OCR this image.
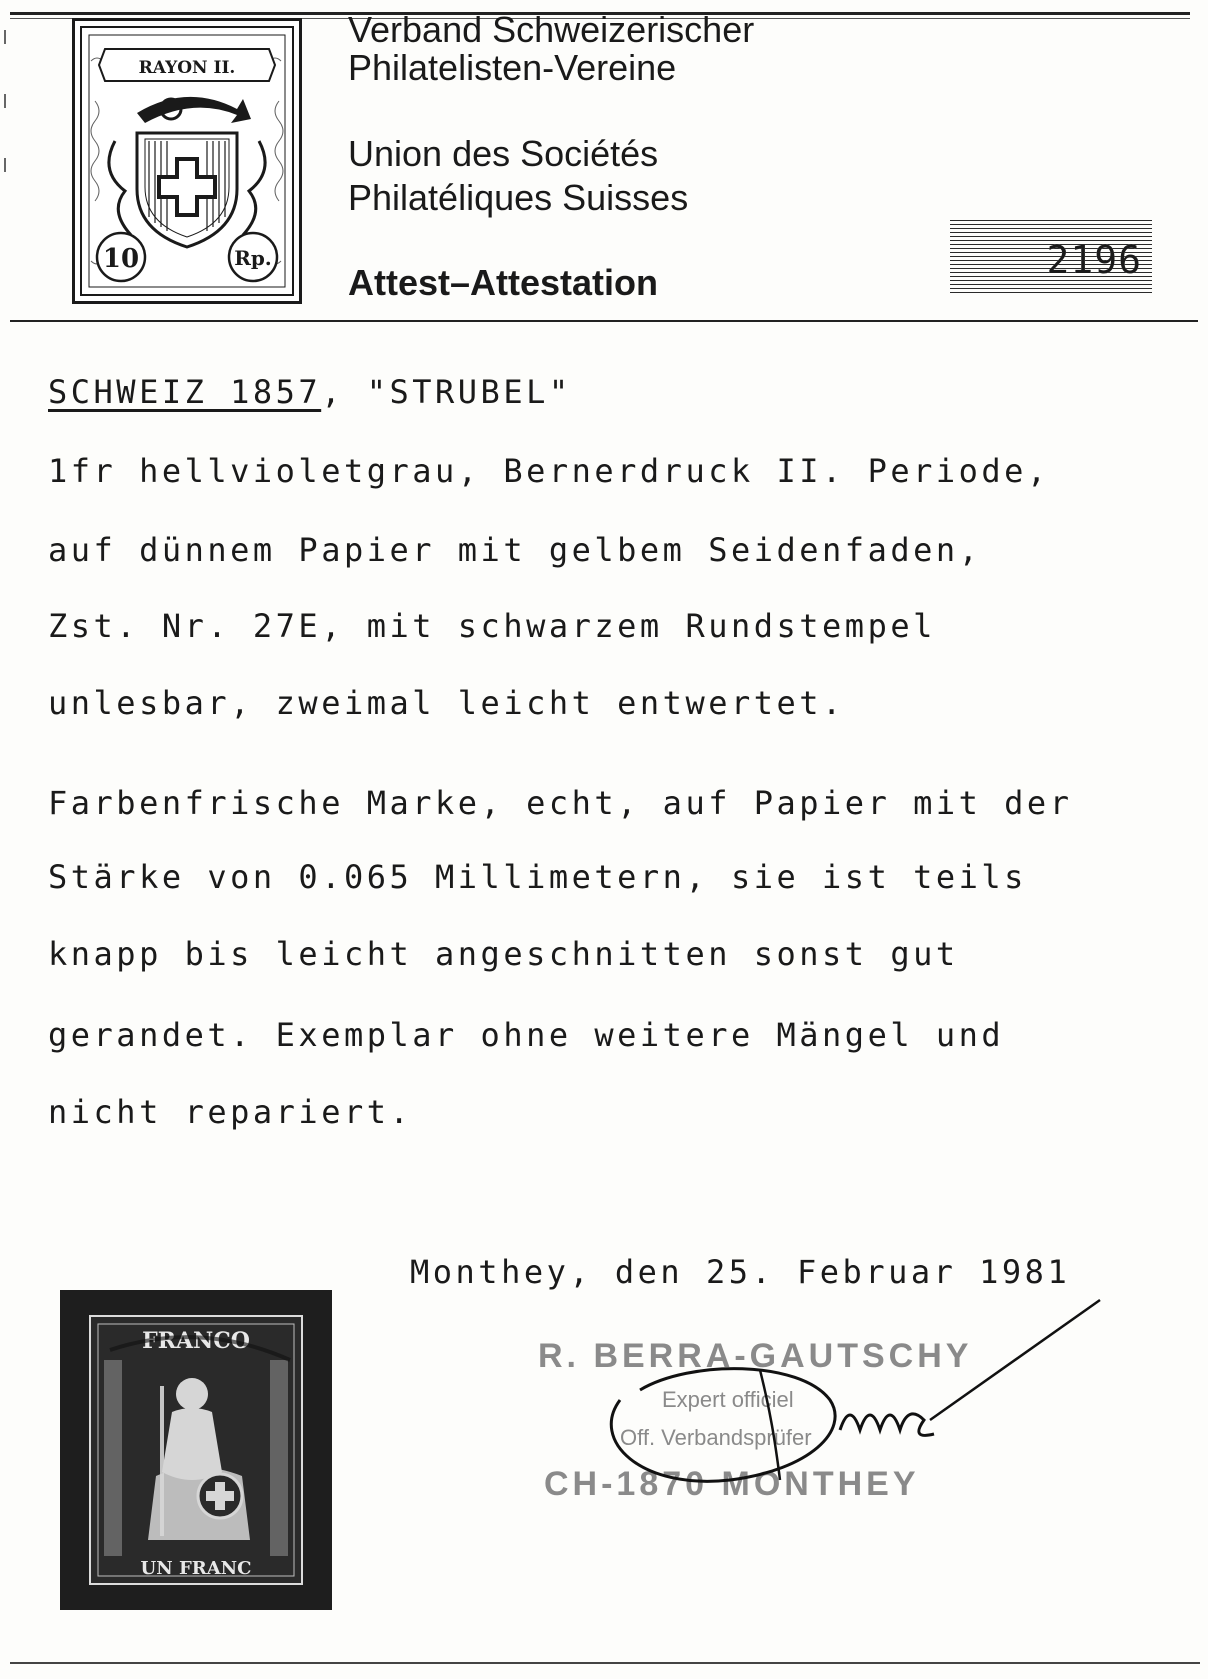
RAYON II.
10	Rp.
Verband Schweizerischer
Philatelisten-Vereine
Union des Sociétés
Philatéliques Suisses
Attest–Attestation
2196
SCHWEIZ 1857, "STRUBEL"
1fr hellvioletgrau, Bernerdruck II. Periode,
auf dünnem Papier mit gelbem Seidenfaden,
Zst. Nr. 27E, mit schwarzem Rundstempel
unlesbar, zweimal leicht entwertet.
Farbenfrische Marke, echt, auf Papier mit der
Stärke von 0.065 Millimetern, sie ist teils
knapp bis leicht angeschnitten sonst gut
gerandet. Exemplar ohne weitere Mängel und
nicht repariert.
Monthey, den 25. Februar 1981
FRANCO
UN FRANC
R. BERRA-GAUTSCHY
Expert officiel
Off. Verbandsprüfer
CH-1870 MONTHEY
